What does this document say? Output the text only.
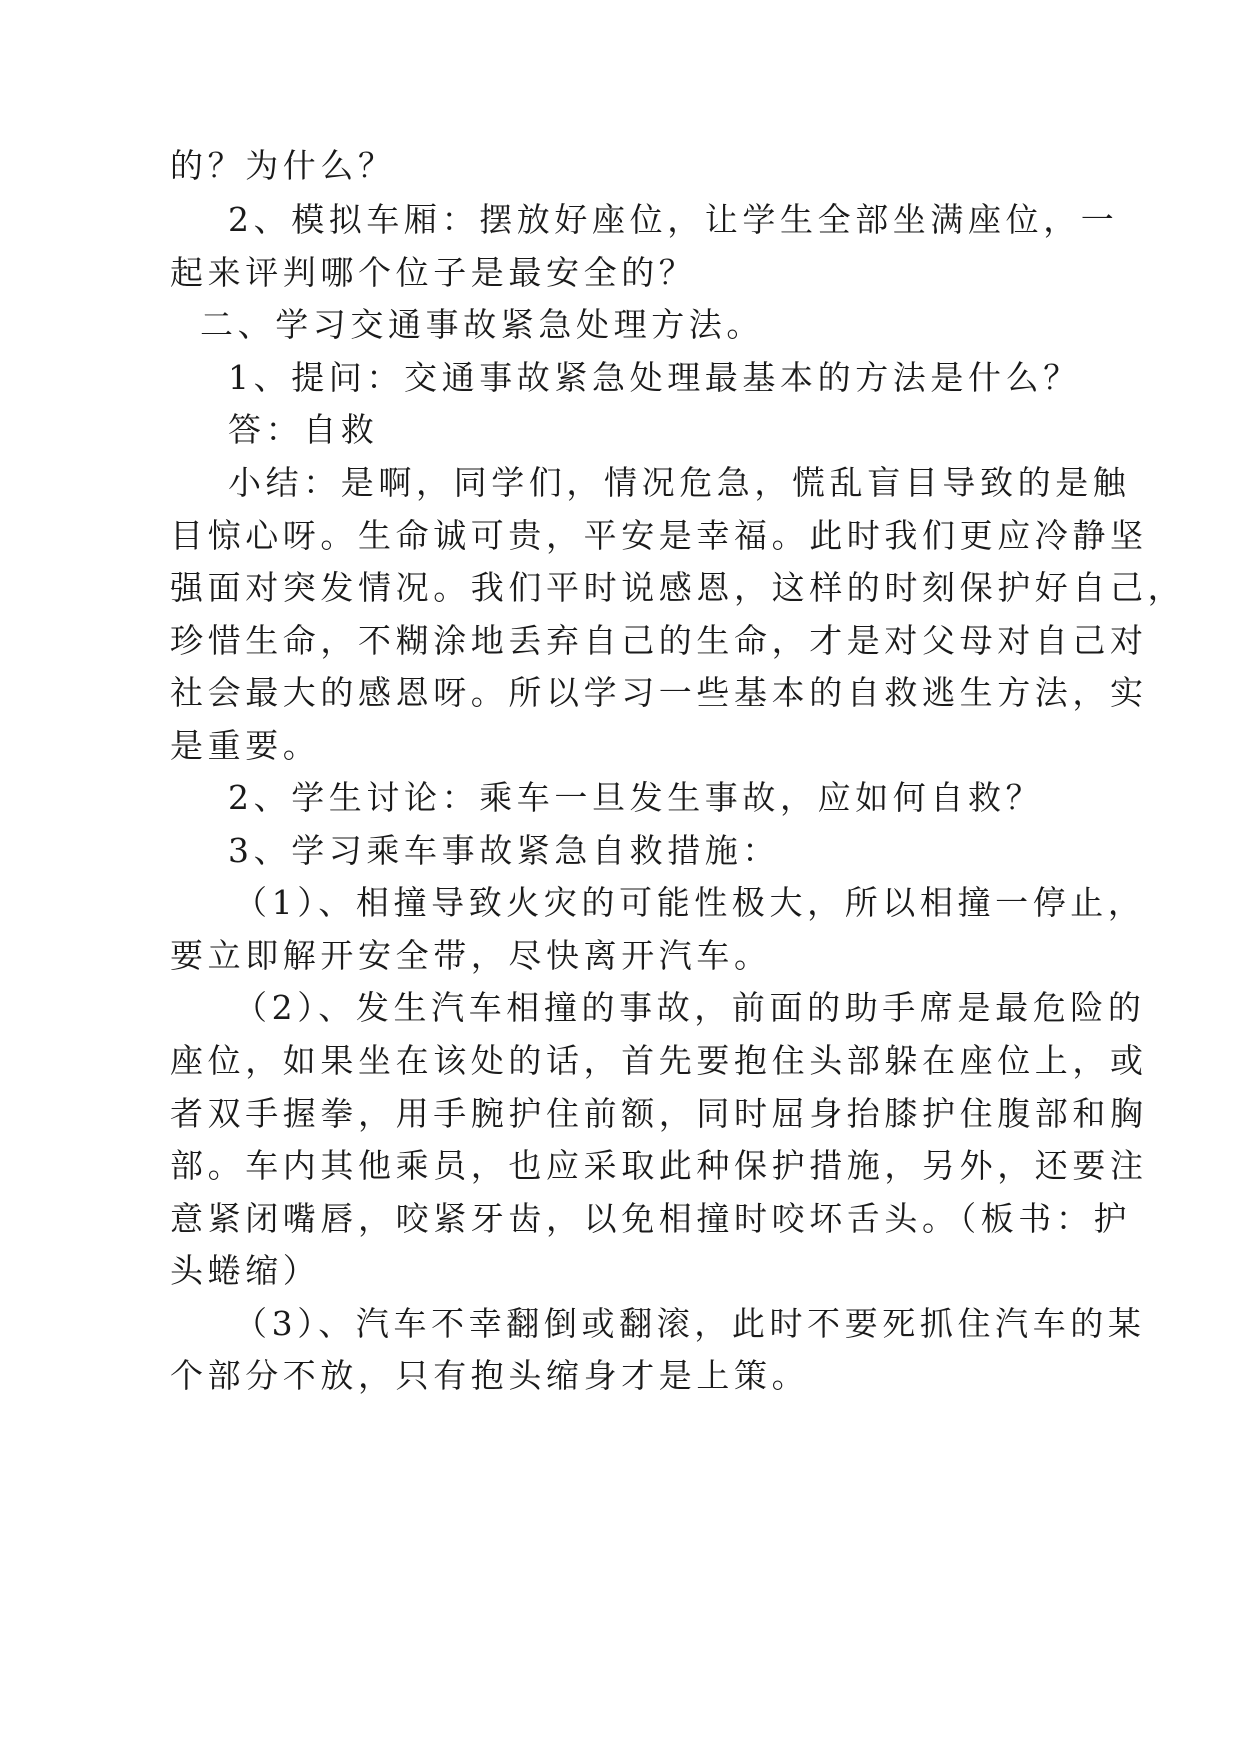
的？为什么？
2、模拟车厢：摆放好座位，让学生全部坐满座位，一
起来评判哪个位子是最安全的？
二、学习交通事故紧急处理方法。
1、提问：交通事故紧急处理最基本的方法是什么？
答：自救
小结：是啊，同学们，情况危急，慌乱盲目导致的是触
目惊心呀。生命诚可贵，平安是幸福。此时我们更应冷静坚
强面对突发情况。我们平时说感恩，这样的时刻保护好自己，
珍惜生命，不糊涂地丢弃自己的生命，才是对父母对自己对
社会最大的感恩呀。所以学习一些基本的自救逃生方法，实
是重要。
2、学生讨论：乘车一旦发生事故，应如何自救？
3、学习乘车事故紧急自救措施：
（1）、相撞导致火灾的可能性极大，所以相撞一停止，
要立即解开安全带，尽快离开汽车。
（2）、发生汽车相撞的事故，前面的助手席是最危险的
座位，如果坐在该处的话，首先要抱住头部躲在座位上，或
者双手握拳，用手腕护住前额，同时屈身抬膝护住腹部和胸
部。车内其他乘员，也应采取此种保护措施，另外，还要注
意紧闭嘴唇，咬紧牙齿，以免相撞时咬坏舌头。（板书：护
头蜷缩）
（3）、汽车不幸翻倒或翻滚，此时不要死抓住汽车的某
个部分不放，只有抱头缩身才是上策。
